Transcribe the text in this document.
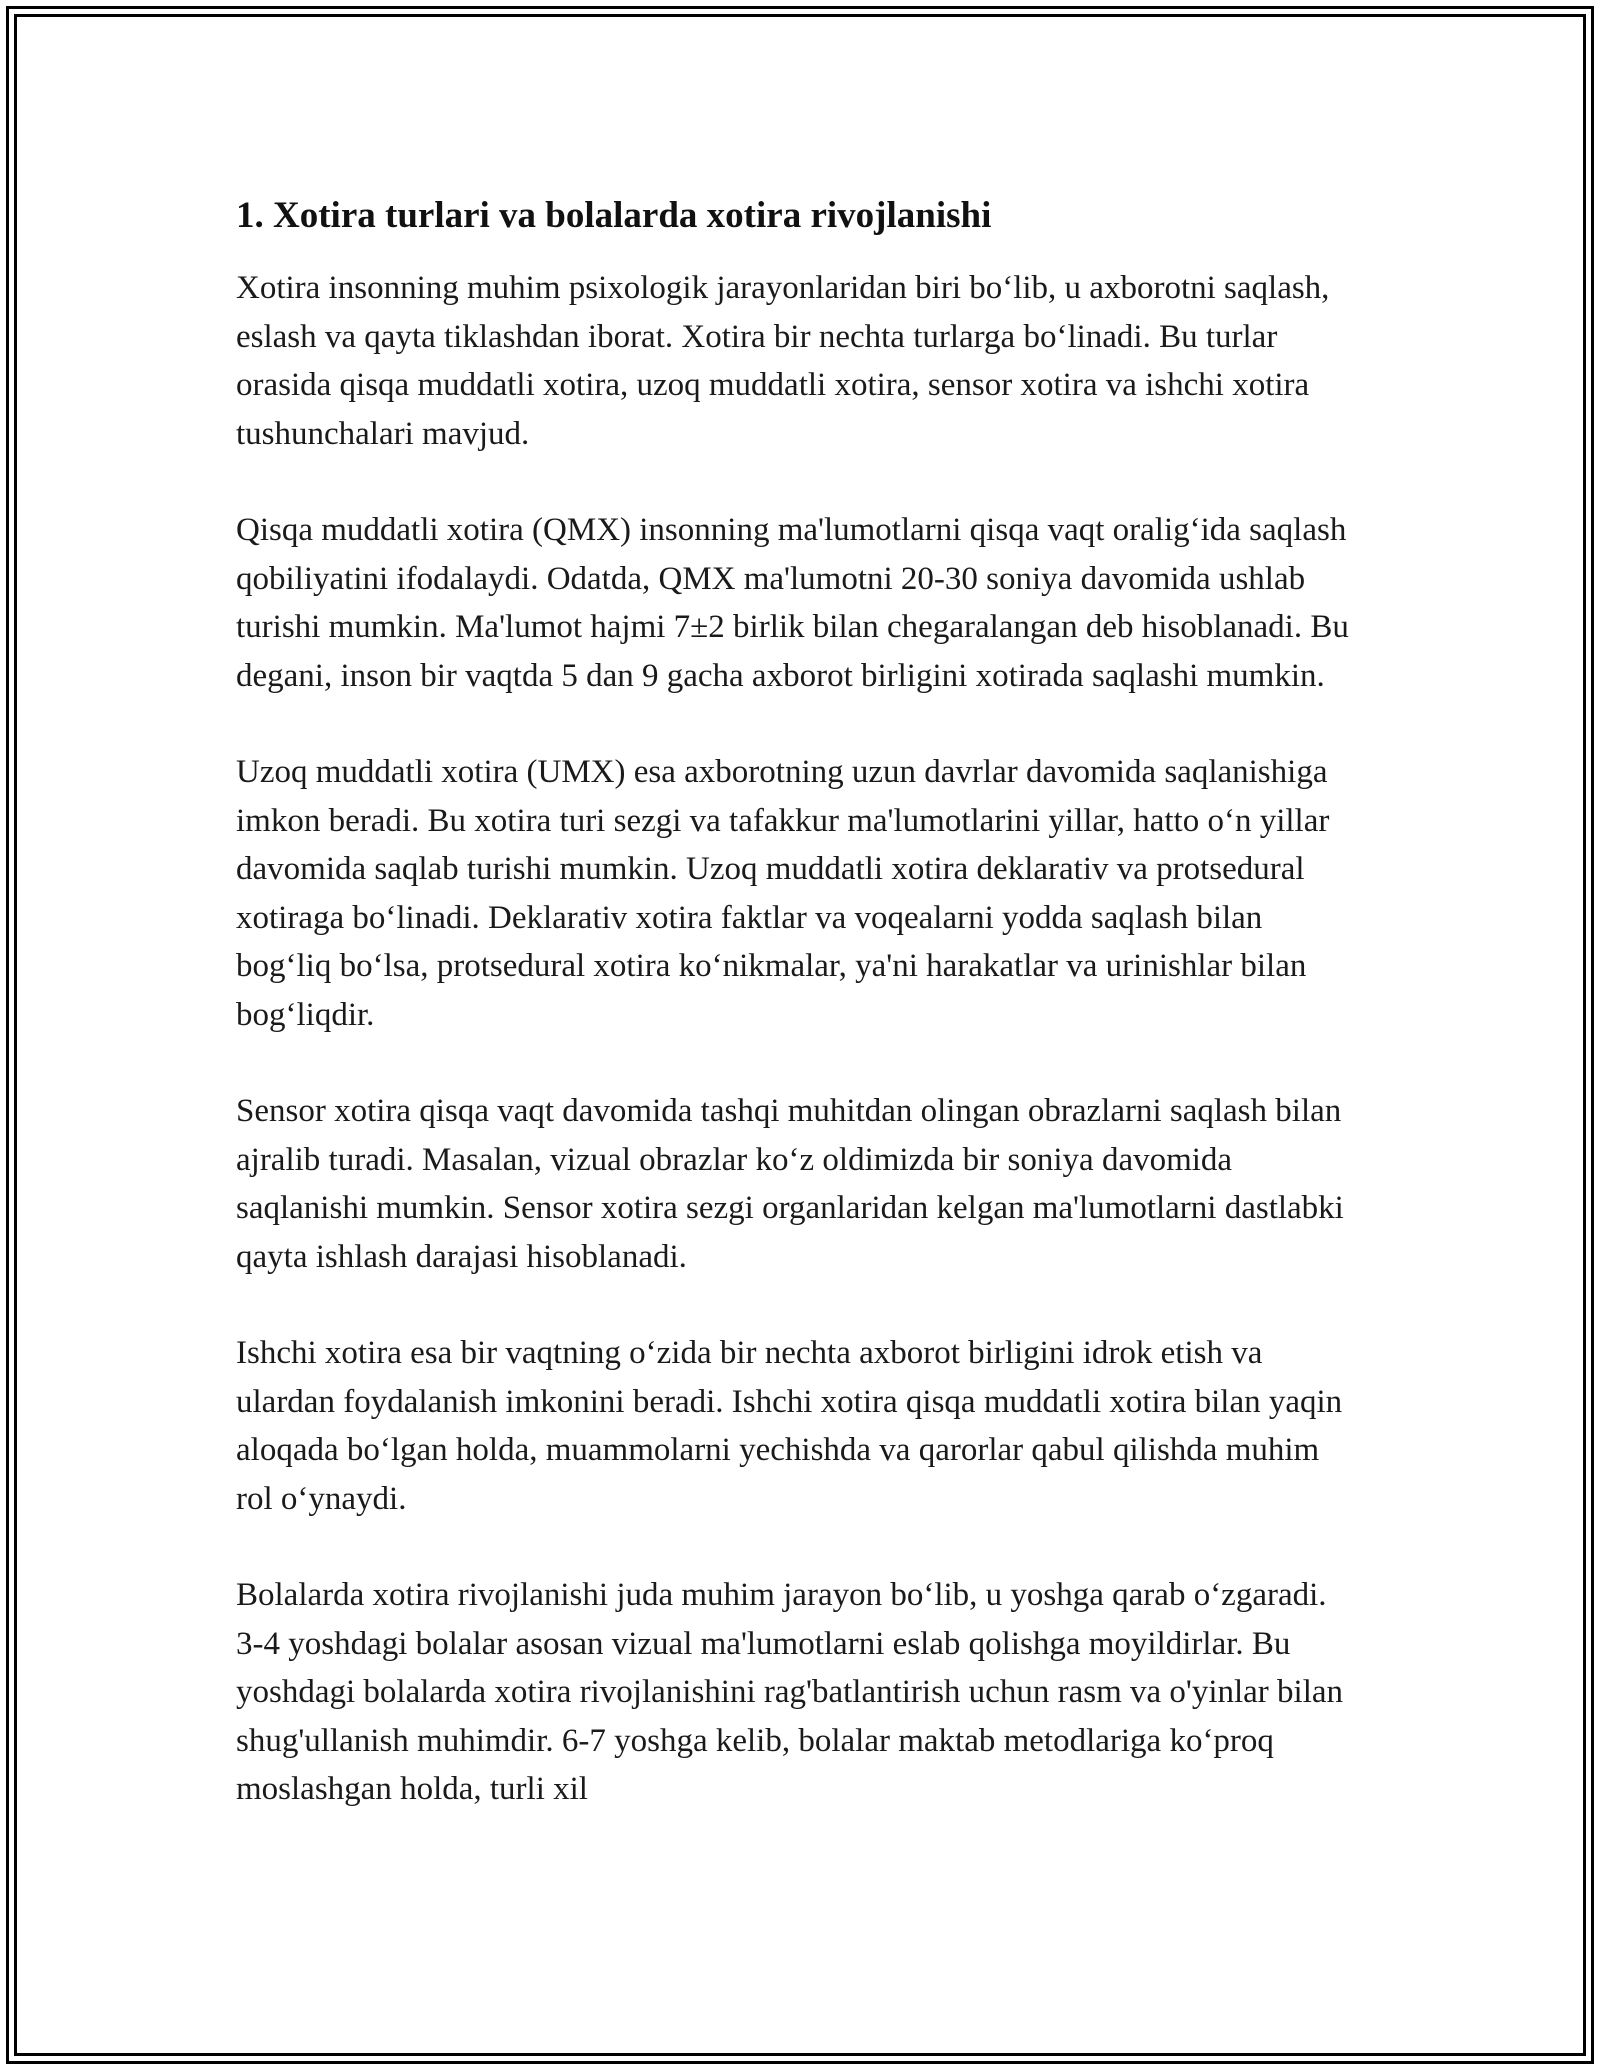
1. Xotira turlari va bolalarda xotira rivojlanishi

Xotira insonning muhim psixologik jarayonlaridan biri bo‘lib, u axborotni saqlash, eslash va qayta tiklashdan iborat. Xotira bir nechta turlarga bo‘linadi. Bu turlar orasida qisqa muddatli xotira, uzoq muddatli xotira, sensor xotira va ishchi xotira tushunchalari mavjud.

Qisqa muddatli xotira (QMX) insonning ma'lumotlarni qisqa vaqt oralig‘ida saqlash qobiliyatini ifodalaydi. Odatda, QMX ma'lumotni 20-30 soniya davomida ushlab turishi mumkin. Ma'lumot hajmi 7±2 birlik bilan chegaralangan deb hisoblanadi. Bu degani, inson bir vaqtda 5 dan 9 gacha axborot birligini xotirada saqlashi mumkin.

Uzoq muddatli xotira (UMX) esa axborotning uzun davrlar davomida saqlanishiga imkon beradi. Bu xotira turi sezgi va tafakkur ma'lumotlarini yillar, hatto o‘n yillar davomida saqlab turishi mumkin. Uzoq muddatli xotira deklarativ va protsedural xotiraga bo‘linadi. Deklarativ xotira faktlar va voqealarni yodda saqlash bilan bog‘liq bo‘lsa, protsedural xotira ko‘nikmalar, ya'ni harakatlar va urinishlar bilan bog‘liqdir.

Sensor xotira qisqa vaqt davomida tashqi muhitdan olingan obrazlarni saqlash bilan ajralib turadi. Masalan, vizual obrazlar ko‘z oldimizda bir soniya davomida saqlanishi mumkin. Sensor xotira sezgi organlaridan kelgan ma'lumotlarni dastlabki qayta ishlash darajasi hisoblanadi.

Ishchi xotira esa bir vaqtning o‘zida bir nechta axborot birligini idrok etish va ulardan foydalanish imkonini beradi. Ishchi xotira qisqa muddatli xotira bilan yaqin aloqada bo‘lgan holda, muammolarni yechishda va qarorlar qabul qilishda muhim rol o‘ynaydi.

Bolalarda xotira rivojlanishi juda muhim jarayon bo‘lib, u yoshga qarab o‘zgaradi. 3-4 yoshdagi bolalar asosan vizual ma'lumotlarni eslab qolishga moyildirlar. Bu yoshdagi bolalarda xotira rivojlanishini rag'batlantirish uchun rasm va o'yinlar bilan shug'ullanish muhimdir. 6-7 yoshga kelib, bolalar maktab metodlariga ko‘proq moslashgan holda, turli xil
